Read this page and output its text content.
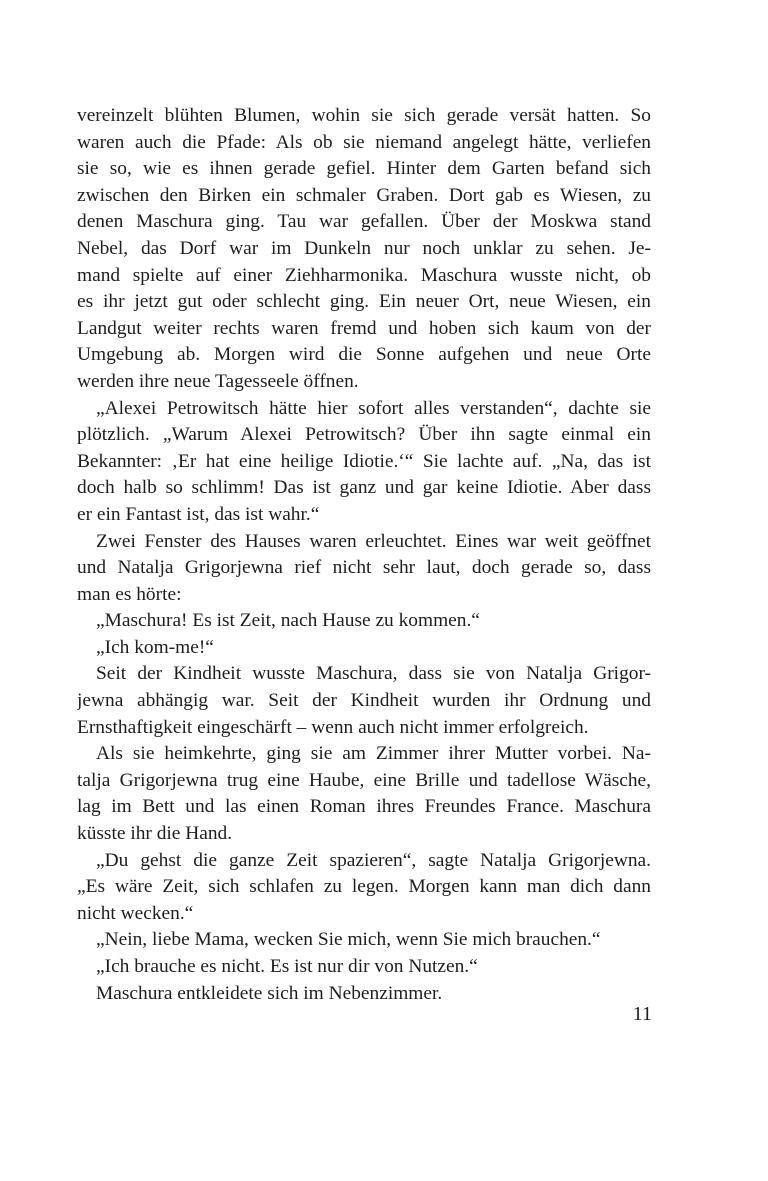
vereinzelt blühten Blumen, wohin sie sich gerade versät hatten. So
waren auch die Pfade: Als ob sie niemand angelegt hätte, verliefen
sie so, wie es ihnen gerade gefiel. Hinter dem Garten befand sich
zwischen den Birken ein schmaler Graben. Dort gab es Wiesen, zu
denen Maschura ging. Tau war gefallen. Über der Moskwa stand
Nebel, das Dorf war im Dunkeln nur noch unklar zu sehen. Je-
mand spielte auf einer Ziehharmonika. Maschura wusste nicht, ob
es ihr jetzt gut oder schlecht ging. Ein neuer Ort, neue Wiesen, ein
Landgut weiter rechts waren fremd und hoben sich kaum von der
Umgebung ab. Morgen wird die Sonne aufgehen und neue Orte
werden ihre neue Tagesseele öffnen.
„Alexei Petrowitsch hätte hier sofort alles verstanden“, dachte sie
plötzlich. „Warum Alexei Petrowitsch? Über ihn sagte einmal ein
Bekannter: ‚Er hat eine heilige Idiotie.‘“ Sie lachte auf. „Na, das ist
doch halb so schlimm! Das ist ganz und gar keine Idiotie. Aber dass
er ein Fantast ist, das ist wahr.“
Zwei Fenster des Hauses waren erleuchtet. Eines war weit geöffnet
und Natalja Grigorjewna rief nicht sehr laut, doch gerade so, dass
man es hörte:
„Maschura! Es ist Zeit, nach Hause zu kommen.“
„Ich kom-me!“
Seit der Kindheit wusste Maschura, dass sie von Natalja Grigor-
jewna abhängig war. Seit der Kindheit wurden ihr Ordnung und
Ernsthaftigkeit eingeschärft – wenn auch nicht immer erfolgreich.
Als sie heimkehrte, ging sie am Zimmer ihrer Mutter vorbei. Na-
talja Grigorjewna trug eine Haube, eine Brille und tadellose Wäsche,
lag im Bett und las einen Roman ihres Freundes France. Maschura
küsste ihr die Hand.
„Du gehst die ganze Zeit spazieren“, sagte Natalja Grigorjewna.
„Es wäre Zeit, sich schlafen zu legen. Morgen kann man dich dann
nicht wecken.“
„Nein, liebe Mama, wecken Sie mich, wenn Sie mich brauchen.“
„Ich brauche es nicht. Es ist nur dir von Nutzen.“
Maschura entkleidete sich im Nebenzimmer.
11
